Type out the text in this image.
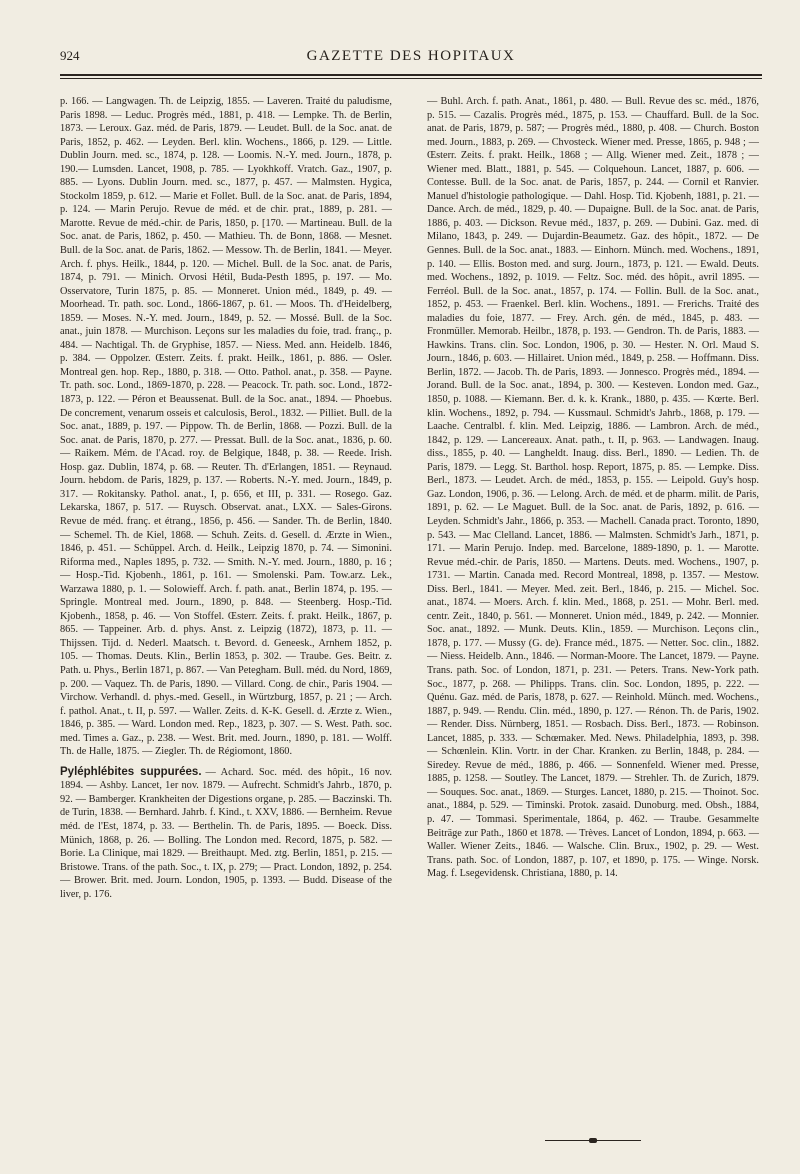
924	GAZETTE DES HOPITAUX

p. 166. — Langwagen. Th. de Leipzig, 1855. — Laveren. Traité du paludisme, Paris 1898. — Leduc. Progrès méd., 1881, p. 418. — Lempke. Th. de Berlin, 1873. — Leroux. Gaz. méd. de Paris, 1879. — Leudet. Bull. de la Soc. anat. de Paris, 1852, p. 462. — Leyden. Berl. klin. Wochens., 1866, p. 129. — Little. Dublin Journ. med. sc., 1874, p. 128. — Loomis. N.-Y. med. Journ., 1878, p. 190.— Lumsden. Lancet, 1908, p. 785. — Lyokhkoff. Vratch. Gaz., 1907, p. 885. — Lyons. Dublin Journ. med. sc., 1877, p. 457. — Malmsten. Hygica, Stockolm 1859, p. 612. — Marie et Follet. Bull. de la Soc. anat. de Paris, 1894, p. 124. — Marin Peruјo. Revue de méd. et de chir. prat., 1889, p. 281. — Marotte. Revue de méd.-chir. de Paris, 1850, p. [170. — Martineau. Bull. de la Soc. anat. de Paris, 1862, p. 450. — Mathieu. Th. de Bonn, 1868. — Mesnet. Bull. de la Soc. anat. de Paris, 1862. — Messow. Th. de Berlin, 1841. — Meyer. Arch. f. phys. Heilk., 1844, p. 120. — Michel. Bull. de la Soc. anat. de Paris, 1874, p. 791. — Minich. Orvosi Hétil, Buda-Pesth 1895, p. 197. — Mo. Osservatore, Turin 1875, p. 85. — Monneret. Union méd., 1849, p. 49. — Moorhead. Tr. path. soc. Lond., 1866-1867, p. 61. — Moos. Th. d'Heidelberg, 1859. — Moses. N.-Y. med. Journ., 1849, p. 52. — Mossé. Bull. de la Soc. anat., juin 1878. — Murchison. Leçons sur les maladies du foie, trad. franç., p. 484. — Nachtigal. Th. de Gryphise, 1857. — Niess. Med. ann. Heidelb. 1846, p. 384. — Oppolzer. Œsterr. Zeits. f. prakt. Heilk., 1861, p. 886. — Osler. Montreal gen. hop. Rep., 1880, p. 318. — Otto. Pathol. anat., p. 358. — Payne. Tr. path. soc. Lond., 1869-1870, p. 228. — Peacock. Tr. path. soc. Lond., 1872-1873, p. 122. — Péron et Beaussenat. Bull. de la Soc. anat., 1894. — Phoebus. De concrement, venarum osseis et calculosis, Berol., 1832. — Pilliet. Bull. de la Soc. anat., 1889, p. 197. — Pippow. Th. de Berlin, 1868. — Pozzi. Bull. de la Soc. anat. de Paris, 1870, p. 277. — Pressat. Bull. de la Soc. anat., 1836, p. 60. — Raikem. Mém. de l'Acad. roy. de Belgique, 1848, p. 38. — Reede. Irish. Hosp. gaz. Dublin, 1874, p. 68. — Reuter. Th. d'Erlangen, 1851. — Reynaud. Journ. hebdom. de Paris, 1829, p. 137. — Roberts. N.-Y. med. Journ., 1849, p. 317. — Rokitansky. Pathol. anat., I, p. 656, et III, p. 331. — Rosego. Gaz. Lekarska, 1867, p. 517. — Ruysch. Observat. anat., LXX. — Sales-Girons. Revue de méd. franç. et étrang., 1856, p. 456. — Sander. Th. de Berlin, 1840. — Schemel. Th. de Kiel, 1868. — Schuh. Zeits. d. Gesell. d. Ærzte in Wien., 1846, p. 451. — Schüppel. Arch. d. Heilk., Leipzig 1870, p. 74. — Simonini. Riforma med., Naples 1895, p. 732. — Smith. N.-Y. med. Journ., 1880, p. 16 ; — Hosp.-Tid. Kjobenh., 1861, p. 161. — Smolenski. Pam. Tow.arz. Lek., Warzawa 1880, p. 1. — Solowieff. Arch. f. path. anat., Berlin 1874, p. 195. — Springle. Montreal med. Journ., 1890, p. 848. — Steenberg. Hosp.-Tid. Kjobenh., 1858, p. 46. — Von Stoffel. Œsterr. Zeits. f. prakt. Heilk., 1867, p. 865. — Tappeiner. Arb. d. phys. Anst. z. Leipzig (1872), 1873, p. 11. — Thijssen. Tijd. d. Nederl. Maatsch. t. Bevord. d. Geneesk., Arnhem 1852, p. 105. — Thomas. Deuts. Klin., Berlin 1853, p. 302. — Traube. Ges. Beitr. z. Path. u. Phys., Berlin 1871, p. 867. — Van Petegham. Bull. méd. du Nord, 1869, p. 200. — Vaquez. Th. de Paris, 1890. — Villard. Cong. de chir., Paris 1904. — Virchow. Verhandl. d. phys.-med. Gesell., in Würtzburg, 1857, p. 21 ; — Arch. f. pathol. Anat., t. II, p. 597. — Waller. Zeits. d. K-K. Gesell. d. Ærzte z. Wien., 1846, p. 385. — Ward. London med. Rep., 1823, p. 307. — S. West. Path. soc. med. Times a. Gaz., p. 238. — West. Brit. med. Journ., 1890, p. 181. — Wolff. Th. de Halle, 1875. — Ziegler. Th. de Régiomont, 1860.

Pyléphlébites suppurées. — Achard. Soc. méd. des hôpit., 16 nov. 1894. — Ashby. Lancet, 1er nov. 1879. — Aufrecht. Schmidt's Jahrb., 1870, p. 92. — Bamberger. Krankheiten der Digestions organe, p. 285. — Baczinski. Th. de Turin, 1838. — Bernhard. Jahrb. f. Kind., t. XXV, 1886. — Bernheim. Revue méd. de l'Est, 1874, p. 33. — Berthelin. Th. de Paris, 1895. — Boeck. Diss. Münich, 1868, p. 26. — Bolling. The London med. Record, 1875, p. 582. — Borie. La Clinique, mai 1829. — Breithaupt. Med. ztg. Berlin, 1851, p. 215. — Bristowe. Trans. of the path. Soc., t. IX, p. 279; — Pract. London, 1892, p. 254. — Brower. Brit. med. Journ. London, 1905, p. 1393. — Budd. Disease of the liver, p. 176.

— Buhl. Arch. f. path. Anat., 1861, p. 480. — Bull. Revue des sc. méd., 1876, p. 515. — Cazalis. Progrès méd., 1875, p. 153. — Chauffard. Bull. de la Soc. anat. de Paris, 1879, p. 587; — Progrès méd., 1880, p. 408. — Church. Boston med. Journ., 1883, p. 269. — Chvosteck. Wiener med. Presse, 1865, p. 948 ; — Œsterr. Zeits. f. prakt. Heilk., 1868 ; — Allg. Wiener med. Zeit., 1878 ; — Wiener med. Blatt., 1881, p. 545. — Colquehoun. Lancet, 1887, p. 606. — Contesse. Bull. de la Soc. anat. de Paris, 1857, p. 244. — Cornil et Ranvier. Manuel d'histologie pathologique. — Dahl. Hosp. Tid. Kjobenh, 1881, p. 21. — Dance. Arch. de méd., 1829, p. 40. — Dupaigne. Bull. de la Soc. anat. de Paris, 1886, p. 403. — Dickson. Revue méd., 1837, p. 269. — Dubini. Gaz. med. di Milano, 1843, p. 249. — Dujardin-Beaumetz. Gaz. des hôpit., 1872. — De Gennes. Bull. de la Soc. anat., 1883. — Einhorn. Münch. med. Wochens., 1891, p. 140. — Ellis. Boston med. and surg. Journ., 1873, p. 121. — Ewald. Deuts. med. Wochens., 1892, p. 1019. — Feltz. Soc. méd. des hôpit., avril 1895. — Ferréol. Bull. de la Soc. anat., 1857, p. 174. — Follin. Bull. de la Soc. anat., 1852, p. 453. — Fraenkel. Berl. klin. Wochens., 1891. — Frerichs. Traité des maladies du foie, 1877. — Frey. Arch. gén. de méd., 1845, p. 483. — Fronmüller. Memorab. Heilbr., 1878, p. 193. — Gendron. Th. de Paris, 1883. — Hawkins. Trans. clin. Soc. London, 1906, p. 30. — Hester. N. Orl. Maud S. Journ., 1846, p. 603. — Hillairet. Union méd., 1849, p. 258. — Hoffmann. Diss. Berlin, 1872. — Jacob. Th. de Paris, 1893. — Jonnesco. Progrès méd., 1894. — Jorand. Bull. de la Soc. anat., 1894, p. 300. — Kesteven. London med. Gaz., 1850, p. 1088. — Kiemann. Ber. d. k. k. Krank., 1880, p. 435. — Kœrte. Berl. klin. Wochens., 1892, p. 794. — Kussmaul. Schmidt's Jahrb., 1868, p. 179. — Laache. Centralbl. f. klin. Med. Leipzig, 1886. — Lambron. Arch. de méd., 1842, p. 129. — Lancereaux. Anat. path., t. II, p. 963. — Landwagen. Inaug. diss., 1855, p. 40. — Langheldt. Inaug. diss. Berl., 1890. — Ledien. Th. de Paris, 1879. — Legg. St. Barthol. hosp. Report, 1875, p. 85. — Lempke. Diss. Berl., 1873. — Leudet. Arch. de méd., 1853, p. 155. — Leipold. Guy's hosp. Gaz. London, 1906, p. 36. — Lelong. Arch. de méd. et de pharm. milit. de Paris, 1891, p. 62. — Le Maguet. Bull. de la Soc. anat. de Paris, 1892, p. 616. — Leyden. Schmidt's Jahr., 1866, p. 353. — Machell. Canada pract. Toronto, 1890, p. 543. — Mac Clelland. Lancet, 1886. — Malmsten. Schmidt's Jarh., 1871, p. 171. — Marin Peruјo. Indep. med. Barcelone, 1889-1890, p. 1. — Marotte. Revue méd.-chir. de Paris, 1850. — Martens. Deuts. med. Wochens., 1907, p. 1731. — Martin. Canada med. Record Montreal, 1898, p. 1357. — Mestow. Diss. Berl., 1841. — Meyer. Med. zeit. Berl., 1846, p. 215. — Michel. Soc. anat., 1874. — Moers. Arch. f. klin. Med., 1868, p. 251. — Mohr. Berl. med. centr. Zeit., 1840, p. 561. — Monneret. Union méd., 1849, p. 242. — Monnier. Soc. anat., 1892. — Munk. Deuts. Klin., 1859. — Murchison. Leçons clin., 1878, p. 177. — Mussy (G. de). France méd., 1875. — Netter. Soc. clin., 1882. — Niess. Heidelb. Ann., 1846. — Norman-Moore. The Lancet, 1879. — Payne. Trans. path. Soc. of London, 1871, p. 231. — Peters. Trans. New-York path. Soc., 1877, p. 268. — Philipps. Trans. clin. Soc. London, 1895, p. 222. — Quénu. Gaz. méd. de Paris, 1878, p. 627. — Reinhold. Münch. med. Wochens., 1887, p. 949. — Rendu. Clin. méd., 1890, p. 127. — Rénon. Th. de Paris, 1902. — Render. Diss. Nürnberg, 1851. — Rosbach. Diss. Berl., 1873. — Robinson. Lancet, 1885, p. 333. — Schœmaker. Med. News. Philadelphia, 1893, p. 398. — Schœnlein. Klin. Vortr. in der Char. Kranken. zu Berlin, 1848, p. 284. — Siredey. Revue de méd., 1886, p. 466. — Sonnenfeld. Wiener med. Presse, 1885, p. 1258. — Soutley. The Lancet, 1879. — Strehler. Th. de Zurich, 1879. — Souques. Soc. anat., 1869. — Sturges. Lancet, 1880, p. 215. — Thoinot. Soc. anat., 1884, p. 529. — Timinski. Protok. zasaid. Dunoburg. med. Obsh., 1884, p. 47. — Tommasi. Sperimentale, 1864, p. 462. — Traube. Gesammelte Beiträge zur Path., 1860 et 1878. — Trèves. Lancet of London, 1894, p. 663. — Waller. Wiener Zeits., 1846. — Walsche. Clin. Brux., 1902, p. 29. — West. Trans. path. Soc. of London, 1887, p. 107, et 1890, p. 175. — Winge. Norsk. Mag. f. Lsegevidensk. Christiana, 1880, p. 14.
